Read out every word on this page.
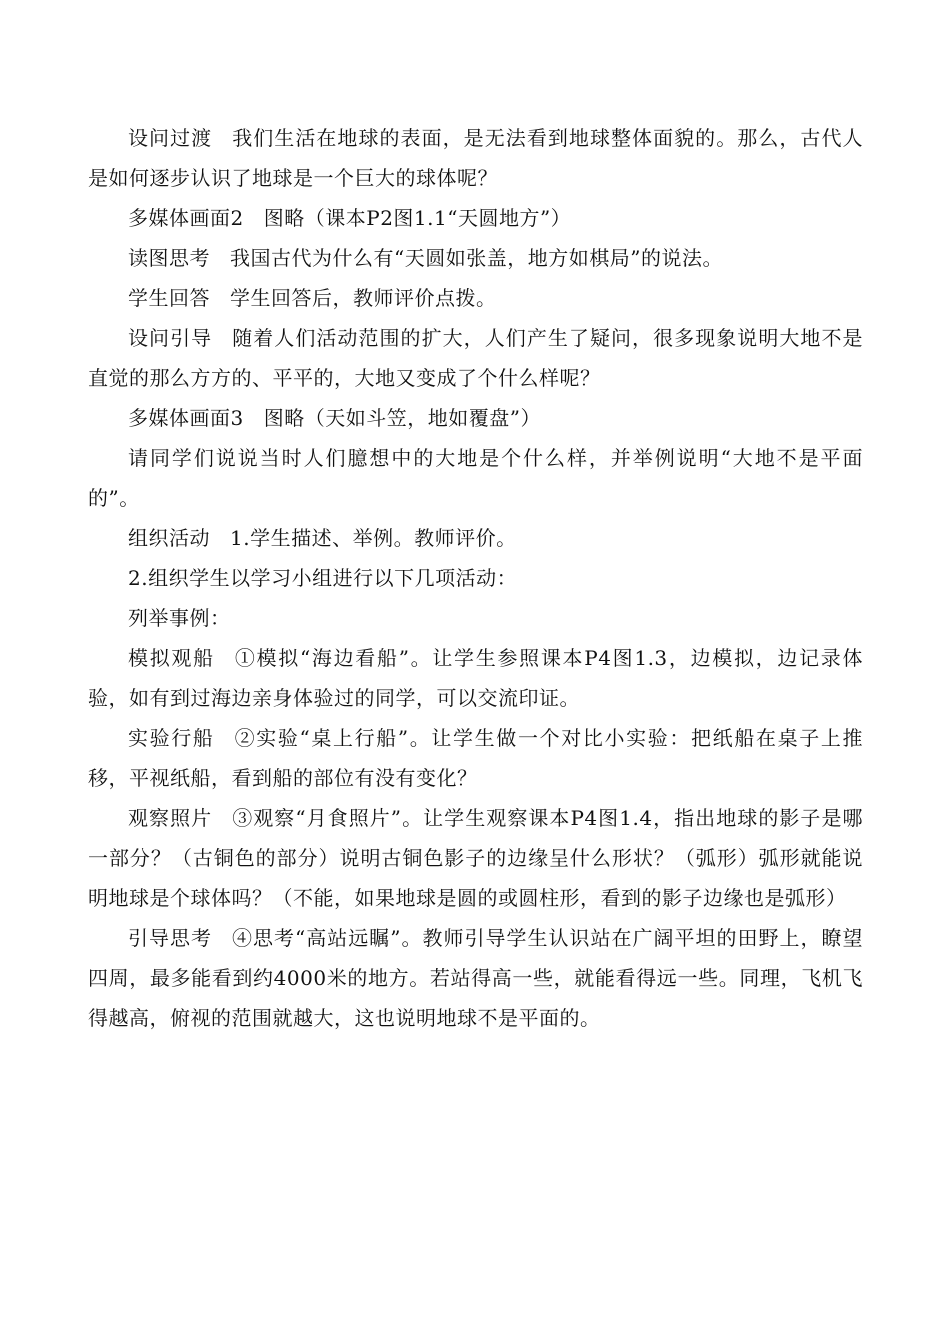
设问过渡 我们生活在地球的表面，是无法看到地球整体面貌的。那么，古代人是如何逐步认识了地球是一个巨大的球体呢？

多媒体画面2 图略（课本P2图1.1“天圆地方”）

读图思考 我国古代为什么有“天圆如张盖，地方如棋局”的说法。

学生回答 学生回答后，教师评价点拨。

设问引导 随着人们活动范围的扩大，人们产生了疑问，很多现象说明大地不是直觉的那么方方的、平平的，大地又变成了个什么样呢？

多媒体画面3 图略（天如斗笠，地如覆盘”）

请同学们说说当时人们臆想中的大地是个什么样，并举例说明“大地不是平面的”。

组织活动 1.学生描述、举例。教师评价。

2.组织学生以学习小组进行以下几项活动：

列举事例：

模拟观船 ①模拟“海边看船”。让学生参照课本P4图1.3，边模拟，边记录体验，如有到过海边亲身体验过的同学，可以交流印证。

实验行船 ②实验“桌上行船”。让学生做一个对比小实验：把纸船在桌子上推移，平视纸船，看到船的部位有没有变化？

观察照片 ③观察“月食照片”。让学生观察课本P4图1.4，指出地球的影子是哪一部分？（古铜色的部分）说明古铜色影子的边缘呈什么形状？（弧形）弧形就能说明地球是个球体吗？（不能，如果地球是圆的或圆柱形，看到的影子边缘也是弧形）

引导思考 ④思考“高站远瞩”。教师引导学生认识站在广阔平坦的田野上，瞭望四周，最多能看到约4000米的地方。若站得高一些，就能看得远一些。同理，飞机飞得越高，俯视的范围就越大，这也说明地球不是平面的。
